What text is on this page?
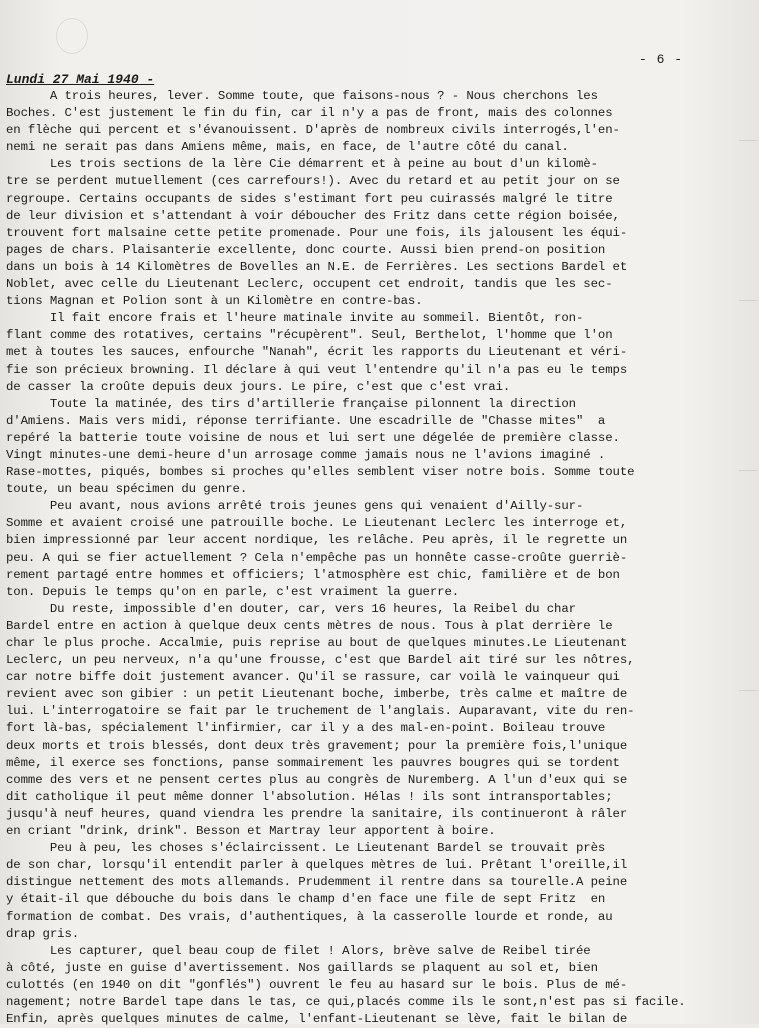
- 6 -
Lundi 27 Mai 1940 -
A trois heures, lever. Somme toute, que faisons-nous ? - Nous cherchons les
Boches. C'est justement le fin du fin, car il n'y a pas de front, mais des colonnes
en flèche qui percent et s'évanouissent. D'après de nombreux civils interrogés,l'en-
nemi ne serait pas dans Amiens même, mais, en face, de l'autre côté du canal.
Les trois sections de la lère Cie démarrent et à peine au bout d'un kilomè-
tre se perdent mutuellement (ces carrefours!). Avec du retard et au petit jour on se
regroupe. Certains occupants de sides s'estimant fort peu cuirassés malgré le titre
de leur division et s'attendant à voir déboucher des Fritz dans cette région boisée,
trouvent fort malsaine cette petite promenade. Pour une fois, ils jalousent les équi-
pages de chars. Plaisanterie excellente, donc courte. Aussi bien prend-on position
dans un bois à 14 Kilomètres de Bovelles an N.E. de Ferrières. Les sections Bardel et
Noblet, avec celle du Lieutenant Leclerc, occupent cet endroit, tandis que les sec-
tions Magnan et Polion sont à un Kilomètre en contre-bas.
Il fait encore frais et l'heure matinale invite au sommeil. Bientôt, ron-
flant comme des rotatives, certains "récupèrent". Seul, Berthelot, l'homme que l'on
met à toutes les sauces, enfourche "Nanah", écrit les rapports du Lieutenant et véri-
fie son précieux browning. Il déclare à qui veut l'entendre qu'il n'a pas eu le temps
de casser la croûte depuis deux jours. Le pire, c'est que c'est vrai.
Toute la matinée, des tirs d'artillerie française pilonnent la direction
d'Amiens. Mais vers midi, réponse terrifiante. Une escadrille de "Chasse mites"  a
repéré la batterie toute voisine de nous et lui sert une dégelée de première classe.
Vingt minutes-une demi-heure d'un arrosage comme jamais nous ne l'avions imaginé .
Rase-mottes, piqués, bombes si proches qu'elles semblent viser notre bois. Somme toute
toute, un beau spécimen du genre.
Peu avant, nous avions arrêté trois jeunes gens qui venaient d'Ailly-sur-
Somme et avaient croisé une patrouille boche. Le Lieutenant Leclerc les interroge et,
bien impressionné par leur accent nordique, les relâche. Peu après, il le regrette un
peu. A qui se fier actuellement ? Cela n'empêche pas un honnête casse-croûte guerriè-
rement partagé entre hommes et officiers; l'atmosphère est chic, familière et de bon
ton. Depuis le temps qu'on en parle, c'est vraiment la guerre.
Du reste, impossible d'en douter, car, vers 16 heures, la Reibel du char
Bardel entre en action à quelque deux cents mètres de nous. Tous à plat derrière le
char le plus proche. Accalmie, puis reprise au bout de quelques minutes.Le Lieutenant
Leclerc, un peu nerveux, n'a qu'une frousse, c'est que Bardel ait tiré sur les nôtres,
car notre biffe doit justement avancer. Qu'il se rassure, car voilà le vainqueur qui
revient avec son gibier : un petit Lieutenant boche, imberbe, très calme et maître de
lui. L'interrogatoire se fait par le truchement de l'anglais. Auparavant, vite du ren-
fort là-bas, spécialement l'infirmier, car il y a des mal-en-point. Boileau trouve
deux morts et trois blessés, dont deux très gravement; pour la première fois,l'unique
même, il exerce ses fonctions, panse sommairement les pauvres bougres qui se tordent
comme des vers et ne pensent certes plus au congrès de Nuremberg. A l'un d'eux qui se
dit catholique il peut même donner l'absolution. Hélas ! ils sont intransportables;
jusqu'à neuf heures, quand viendra les prendre la sanitaire, ils continueront à râler
en criant "drink, drink". Besson et Martray leur apportent à boire.
Peu à peu, les choses s'éclaircissent. Le Lieutenant Bardel se trouvait près
de son char, lorsqu'il entendit parler à quelques mètres de lui. Prêtant l'oreille,il
distingue nettement des mots allemands. Prudemment il rentre dans sa tourelle.A peine
y était-il que débouche du bois dans le champ d'en face une file de sept Fritz  en
formation de combat. Des vrais, d'authentiques, à la casserolle lourde et ronde, au
drap gris.
Les capturer, quel beau coup de filet ! Alors, brève salve de Reibel tirée
à côté, juste en guise d'avertissement. Nos gaillards se plaquent au sol et, bien
culottés (en 1940 on dit "gonflés") ouvrent le feu au hasard sur le bois. Plus de mé-
nagement; notre Bardel tape dans le tas, ce qui,placés comme ils le sont,n'est pas si facile.
Enfin, après quelques minutes de calme, l'enfant-Lieutenant se lève, fait le bilan de
